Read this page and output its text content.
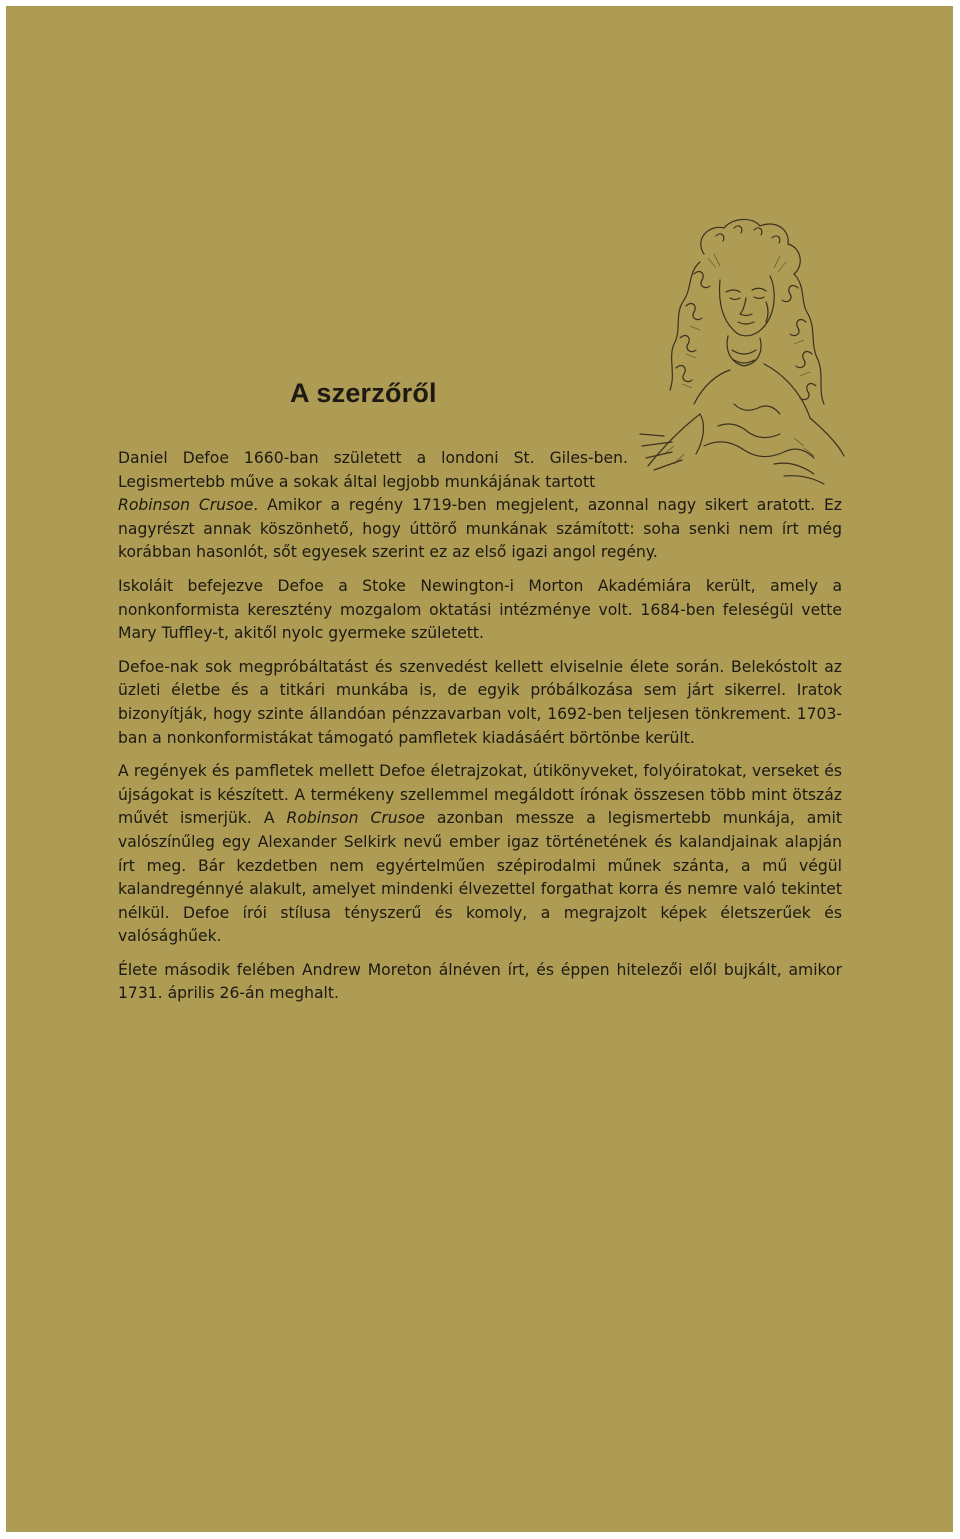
A szerzőről

Daniel Defoe 1660-ban született a londoni St. Giles-ben.
Legismertebb műve a sokak által legjobb munkájának tartott
Robinson Crusoe. Amikor a regény 1719-ben megjelent, azonnal nagy sikert aratott. Ez nagyrészt annak köszönhető, hogy úttörő munkának számított: soha senki nem írt még korábban hasonlót, sőt egyesek szerint ez az első igazi angol regény.

Iskoláit befejezve Defoe a Stoke Newington-i Morton Akadémiára került, amely a nonkonformista keresztény mozgalom oktatási intézménye volt. 1684-ben feleségül vette Mary Tuffley-t, akitől nyolc gyermeke született.

Defoe-nak sok megpróbáltatást és szenvedést kellett elviselnie élete során. Belekóstolt az üzleti életbe és a titkári munkába is, de egyik próbálkozása sem járt sikerrel. Iratok bizonyítják, hogy szinte állandóan pénzzavarban volt, 1692-ben teljesen tönkrement. 1703-ban a nonkonformistákat támogató pamfletek kiadásáért börtönbe került.

A regények és pamfletek mellett Defoe életrajzokat, útikönyveket, folyóiratokat, verseket és újságokat is készített. A termékeny szellemmel megáldott írónak összesen több mint ötszáz művét ismerjük. A Robinson Crusoe azonban messze a legismertebb munkája, amit valószínűleg egy Alexander Selkirk nevű ember igaz történetének és kalandjainak alapján írt meg. Bár kezdetben nem egyértelműen szépirodalmi műnek szánta, a mű végül kalandregénnyé alakult, amelyet mindenki élvezettel forgathat korra és nemre való tekintet nélkül. Defoe írói stílusa tényszerű és komoly, a megrajzolt képek életszerűek és valósághűek.

Élete második felében Andrew Moreton álnéven írt, és éppen hitelezői elől bujkált, amikor 1731. április 26-án meghalt.
